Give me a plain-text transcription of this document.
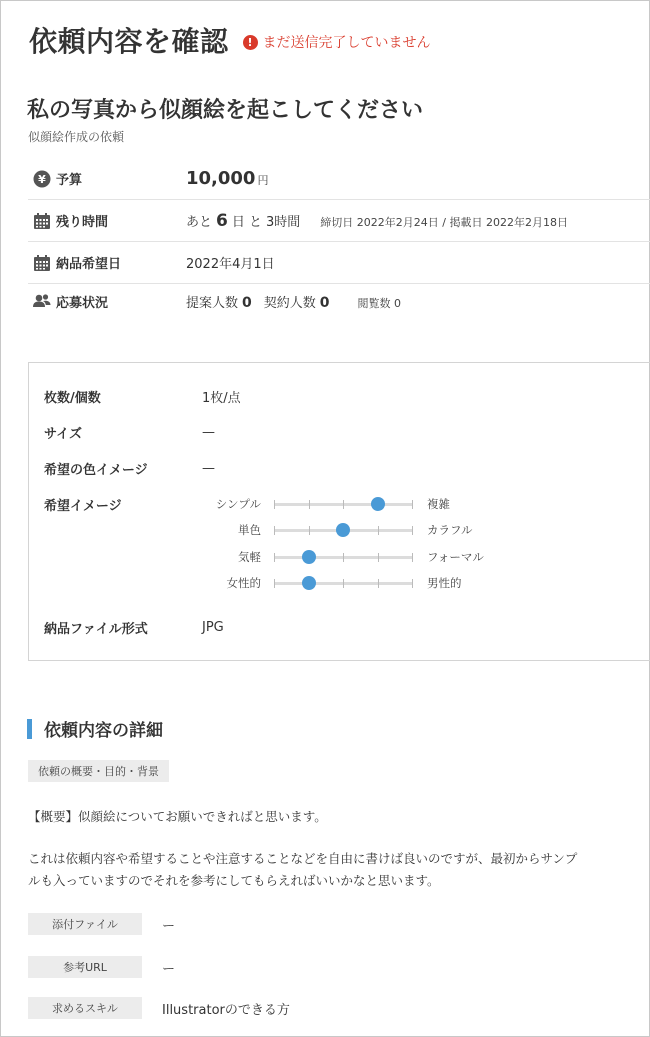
依頼内容を確認	! まだ送信完了していません
私の写真から似顔絵を起こしてください
似顔絵作成の依頼
¥ 予算	10,000 円
残り時間	あと 6 日 と 3時間 締切日 2022年2月24日 / 掲載日 2022年2月18日
納品希望日	2022年4月1日
応募状況	提案人数 0 契約人数 0	閲覧数 0
枚数/個数	1枚/点
サイズ	—
希望の色イメージ	—
希望イメージ	シンプル	複雑
単色	カラフル
気軽	フォーマル
女性的	男性的
納品ファイル形式	JPG
依頼内容の詳細
依頼の概要・目的・背景
【概要】似顔絵についてお願いできればと思います。
これは依頼内容や希望することや注意することなどを自由に書けば良いのですが、最初からサンプルも入っていますのでそれを参考にしてもらえればいいかなと思います。
添付ファイル	ー
参考URL	ー
求めるスキル	Illustratorのできる方
